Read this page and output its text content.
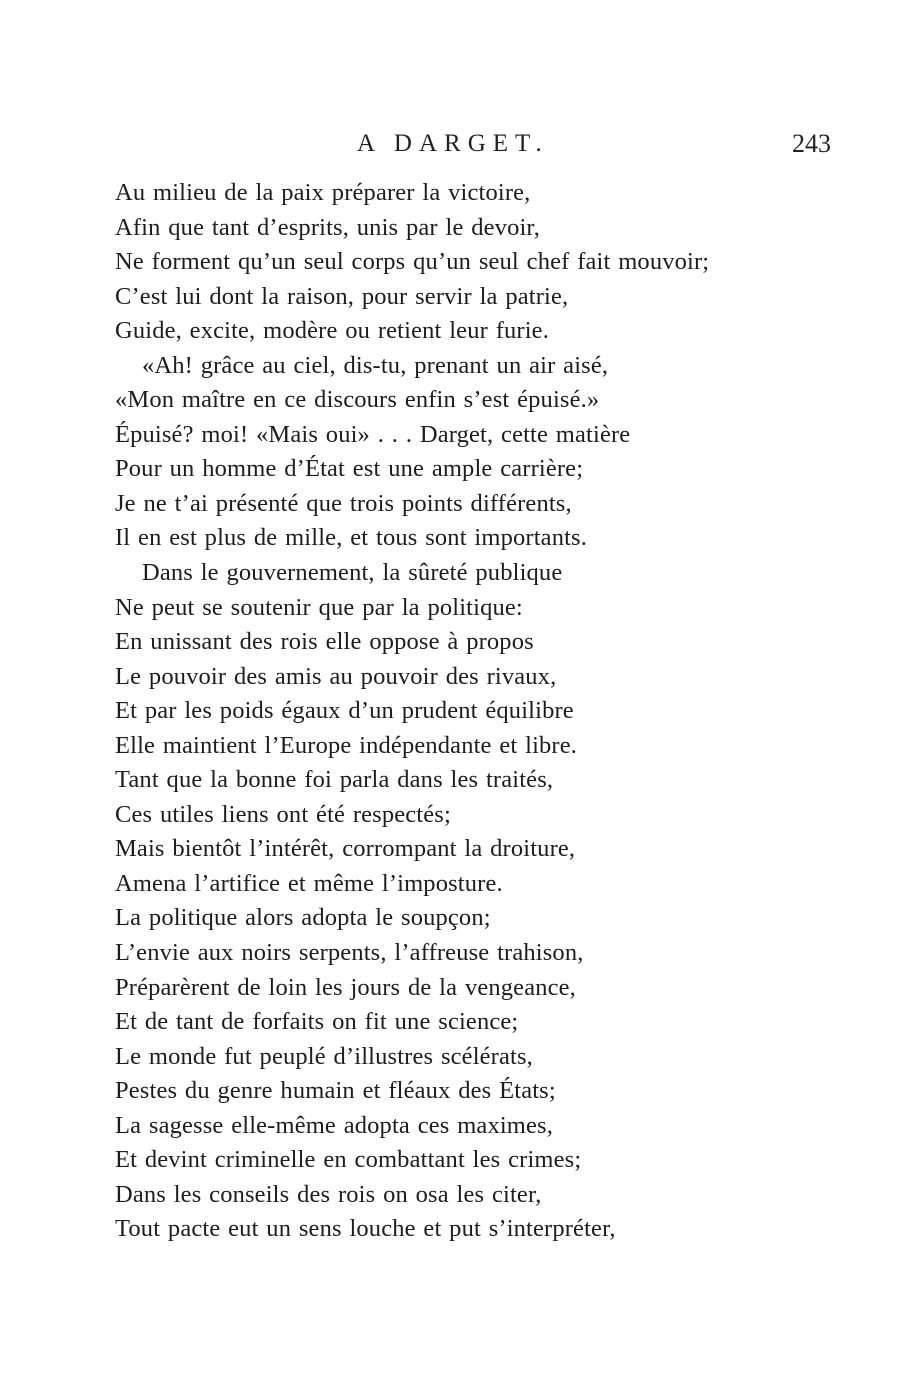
A DARGET.	243
Au milieu de la paix préparer la victoire,
Afin que tant d’esprits, unis par le devoir,
Ne forment qu’un seul corps qu’un seul chef fait mouvoir;
C’est lui dont la raison, pour servir la patrie,
Guide, excite, modère ou retient leur furie.
«Ah! grâce au ciel, dis-tu, prenant un air aisé,
«Mon maître en ce discours enfin s’est épuisé.»
Épuisé? moi! «Mais oui» . . . Darget, cette matière
Pour un homme d’État est une ample carrière;
Je ne t’ai présenté que trois points différents,
Il en est plus de mille, et tous sont importants.
Dans le gouvernement, la sûreté publique
Ne peut se soutenir que par la politique:
En unissant des rois elle oppose à propos
Le pouvoir des amis au pouvoir des rivaux,
Et par les poids égaux d’un prudent équilibre
Elle maintient l’Europe indépendante et libre.
Tant que la bonne foi parla dans les traités,
Ces utiles liens ont été respectés;
Mais bientôt l’intérêt, corrompant la droiture,
Amena l’artifice et même l’imposture.
La politique alors adopta le soupçon;
L’envie aux noirs serpents, l’affreuse trahison,
Préparèrent de loin les jours de la vengeance,
Et de tant de forfaits on fit une science;
Le monde fut peuplé d’illustres scélérats,
Pestes du genre humain et fléaux des États;
La sagesse elle-même adopta ces maximes,
Et devint criminelle en combattant les crimes;
Dans les conseils des rois on osa les citer,
Tout pacte eut un sens louche et put s’interpréter,
